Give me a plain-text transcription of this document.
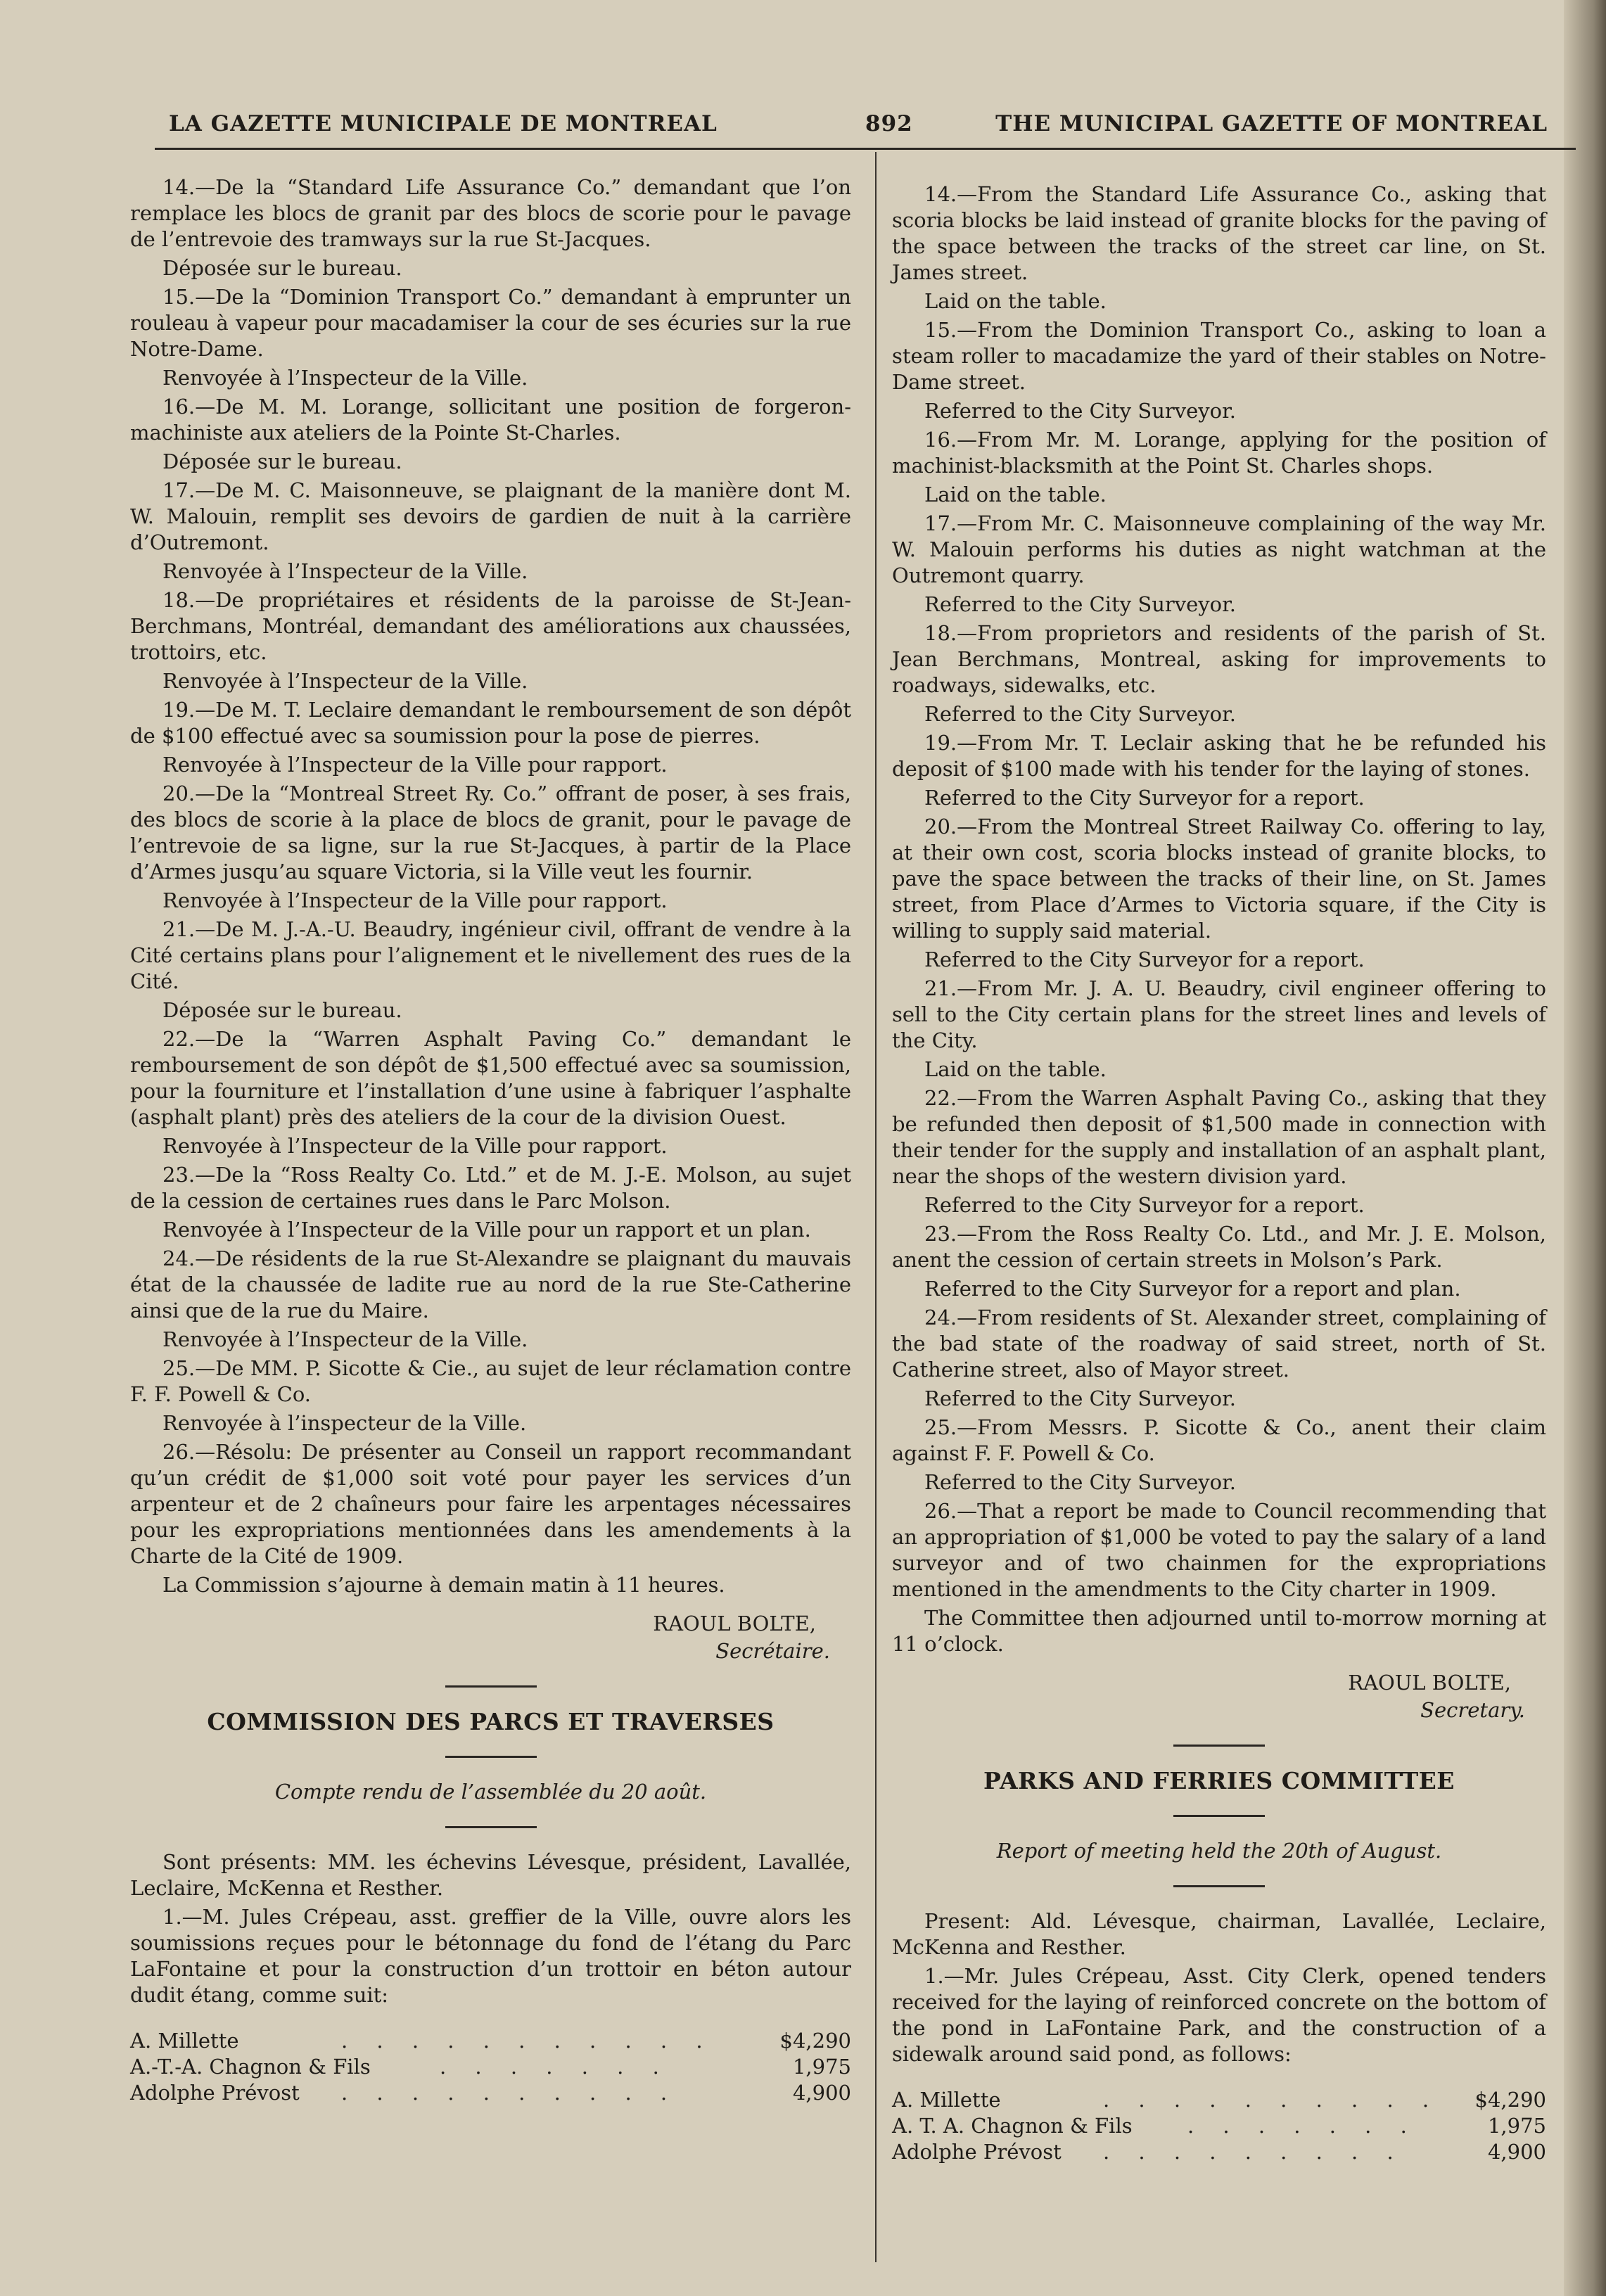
LA GAZETTE MUNICIPALE DE MONTREAL	892	THE MUNICIPAL GAZETTE OF MONTREAL

14.—De la “Standard Life Assurance Co.” demandant que l’on remplace les blocs de granit par des blocs de scorie pour le pavage de l’entrevoie des tramways sur la rue St-Jacques.

Déposée sur le bureau.

15.—De la “Dominion Transport Co.” demandant à emprunter un rouleau à vapeur pour macadamiser la cour de ses écuries sur la rue Notre-Dame.

Renvoyée à l’Inspecteur de la Ville.

16.—De M. M. Lorange, sollicitant une position de forgeron-machiniste aux ateliers de la Pointe St-Charles.

Déposée sur le bureau.

17.—De M. C. Maisonneuve, se plaignant de la manière dont M. W. Malouin, remplit ses devoirs de gardien de nuit à la carrière d’Outremont.

Renvoyée à l’Inspecteur de la Ville.

18.—De propriétaires et résidents de la paroisse de St-Jean-Berchmans, Montréal, demandant des améliorations aux chaussées, trottoirs, etc.

Renvoyée à l’Inspecteur de la Ville.

19.—De M. T. Leclaire demandant le remboursement de son dépôt de $100 effectué avec sa soumission pour la pose de pierres.

Renvoyée à l’Inspecteur de la Ville pour rapport.

20.—De la “Montreal Street Ry. Co.” offrant de poser, à ses frais, des blocs de scorie à la place de blocs de granit, pour le pavage de l’entrevoie de sa ligne, sur la rue St-Jacques, à partir de la Place d’Armes jusqu’au square Victoria, si la Ville veut les fournir.

Renvoyée à l’Inspecteur de la Ville pour rapport.

21.—De M. J.-A.-U. Beaudry, ingénieur civil, offrant de vendre à la Cité certains plans pour l’alignement et le nivellement des rues de la Cité.

Déposée sur le bureau.

22.—De la “Warren Asphalt Paving Co.” demandant le remboursement de son dépôt de $1,500 effectué avec sa soumission, pour la fourniture et l’installation d’une usine à fabriquer l’asphalte (asphalt plant) près des ateliers de la cour de la division Ouest.

Renvoyée à l’Inspecteur de la Ville pour rapport.

23.—De la “Ross Realty Co. Ltd.” et de M. J.-E. Molson, au sujet de la cession de certaines rues dans le Parc Molson.

Renvoyée à l’Inspecteur de la Ville pour un rapport et un plan.

24.—De résidents de la rue St-Alexandre se plaignant du mauvais état de la chaussée de ladite rue au nord de la rue Ste-Catherine ainsi que de la rue du Maire.

Renvoyée à l’Inspecteur de la Ville.

25.—De MM. P. Sicotte & Cie., au sujet de leur réclamation contre F. F. Powell & Co.

Renvoyée à l’inspecteur de la Ville.

26.—Résolu: De présenter au Conseil un rapport recommandant qu’un crédit de $1,000 soit voté pour payer les services d’un arpenteur et de 2 chaîneurs pour faire les arpentages nécessaires pour les expropriations mentionnées dans les amendements à la Charte de la Cité de 1909.

La Commission s’ajourne à demain matin à 11 heures.

RAOUL BOLTE,

Secrétaire.

COMMISSION DES PARCS ET TRAVERSES

Compte rendu de l’assemblée du 20 août.

Sont présents: MM. les échevins Lévesque, président, Lavallée, Leclaire, McKenna et Resther.

1.—M. Jules Crépeau, asst. greffier de la Ville, ouvre alors les soumissions reçues pour le bétonnage du fond de l’étang du Parc LaFontaine et pour la construction d’un trottoir en béton autour dudit étang, comme suit:

A. Millette	. . . . . . . . . . .	$4,290
A.-T.-A. Chagnon & Fils	. . . . . . .	1,975
Adolphe Prévost	. . . . . . . . . .	4,900

14.—From the Standard Life Assurance Co., asking that scoria blocks be laid instead of granite blocks for the paving of the space between the tracks of the street car line, on St. James street.

Laid on the table.

15.—From the Dominion Transport Co., asking to loan a steam roller to macadamize the yard of their stables on Notre-Dame street.

Referred to the City Surveyor.

16.—From Mr. M. Lorange, applying for the position of machinist-blacksmith at the Point St. Charles shops.

Laid on the table.

17.—From Mr. C. Maisonneuve complaining of the way Mr. W. Malouin performs his duties as night watchman at the Outremont quarry.

Referred to the City Surveyor.

18.—From proprietors and residents of the parish of St. Jean Berchmans, Montreal, asking for improvements to roadways, sidewalks, etc.

Referred to the City Surveyor.

19.—From Mr. T. Leclair asking that he be refunded his deposit of $100 made with his tender for the laying of stones.

Referred to the City Surveyor for a report.

20.—From the Montreal Street Railway Co. offering to lay, at their own cost, scoria blocks instead of granite blocks, to pave the space between the tracks of their line, on St. James street, from Place d’Armes to Victoria square, if the City is willing to supply said material.

Referred to the City Surveyor for a report.

21.—From Mr. J. A. U. Beaudry, civil engineer offering to sell to the City certain plans for the street lines and levels of the City.

Laid on the table.

22.—From the Warren Asphalt Paving Co., asking that they be refunded then deposit of $1,500 made in connection with their tender for the supply and installation of an asphalt plant, near the shops of the western division yard.

Referred to the City Surveyor for a report.

23.—From the Ross Realty Co. Ltd., and Mr. J. E. Molson, anent the cession of certain streets in Molson’s Park.

Referred to the City Surveyor for a report and plan.

24.—From residents of St. Alexander street, complaining of the bad state of the roadway of said street, north of St. Catherine street, also of Mayor street.

Referred to the City Surveyor.

25.—From Messrs. P. Sicotte & Co., anent their claim against F. F. Powell & Co.

Referred to the City Surveyor.

26.—That a report be made to Council recommending that an appropriation of $1,000 be voted to pay the salary of a land surveyor and of two chainmen for the expropriations mentioned in the amendments to the City charter in 1909.

The Committee then adjourned until to-morrow morning at 11 o’clock.

RAOUL BOLTE,

Secretary.

PARKS AND FERRIES COMMITTEE

Report of meeting held the 20th of August.

Present: Ald. Lévesque, chairman, Lavallée, Leclaire, McKenna and Resther.

1.—Mr. Jules Crépeau, Asst. City Clerk, opened tenders received for the laying of reinforced concrete on the bottom of the pond in LaFontaine Park, and the construction of a sidewalk around said pond, as follows:

A. Millette	. . . . . . . . . .	$4,290
A. T. A. Chagnon & Fils	. . . . . . .	1,975
Adolphe Prévost	. . . . . . . . .	4,900
